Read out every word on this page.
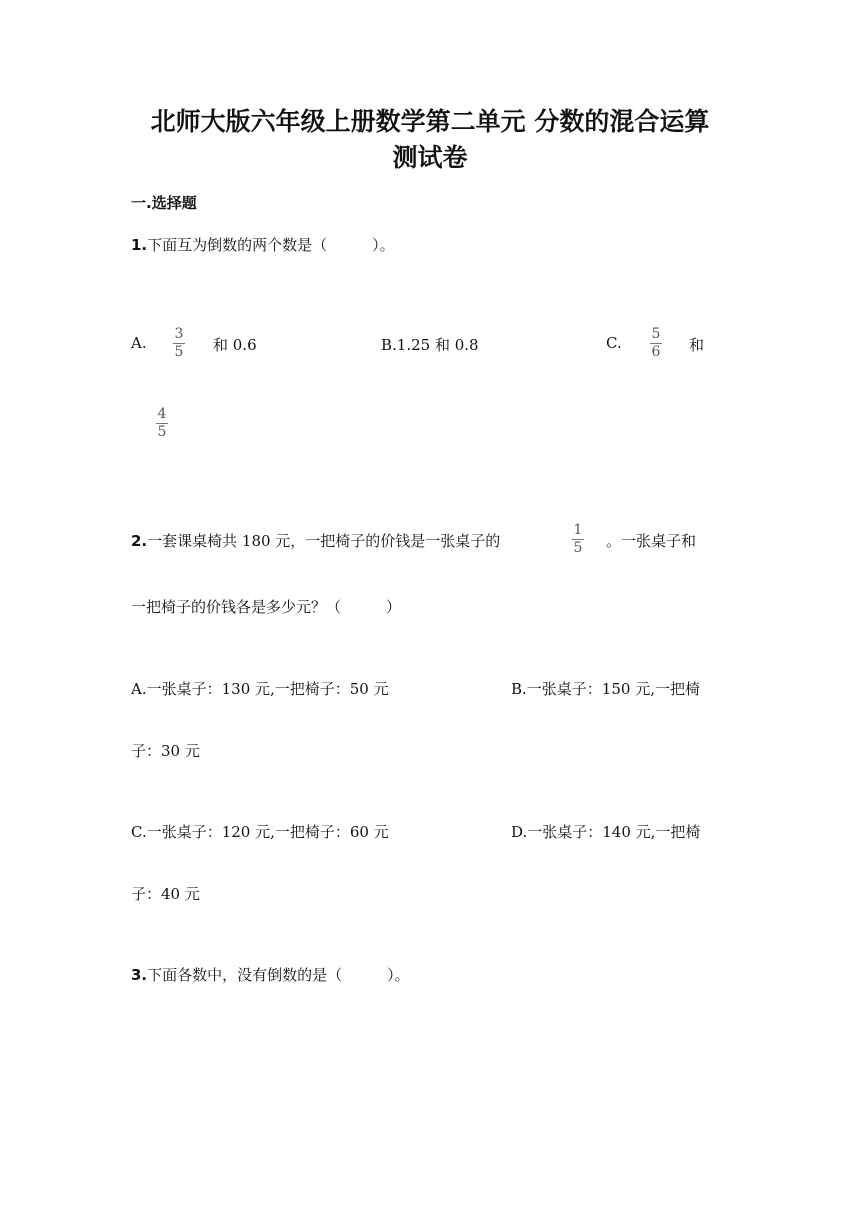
北师大版六年级上册数学第二单元 分数的混合运算
测试卷
一.选择题
1.下面互为倒数的两个数是（　　　）。
A. 3
5 和 0.6	B.1.25 和 0.8	C. 5
6 和
4
5
2.一套课桌椅共 180 元，一把椅子的价钱是一张桌子的
1
5 。一张桌子和
一把椅子的价钱各是多少元？（　　　）
A.一张桌子：130 元,一把椅子：50 元	B.一张桌子：150 元,一把椅
子：30 元
C.一张桌子：120 元,一把椅子：60 元	D.一张桌子：140 元,一把椅
子：40 元
3.下面各数中，没有倒数的是（　　　）。
